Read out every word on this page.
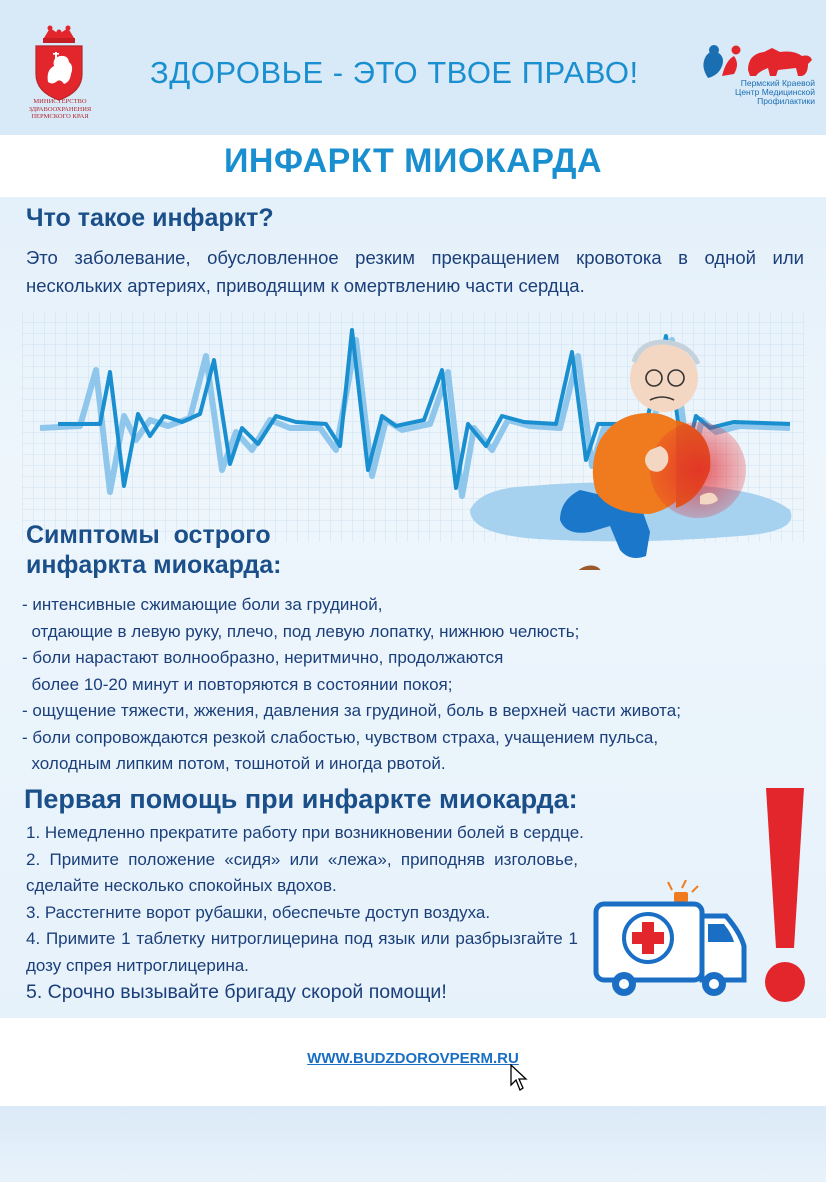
МИНИСТЕРСТВО
ЗДРАВООХРАНЕНИЯ
ПЕРМСКОГО КРАЯ
ЗДОРОВЬЕ - ЭТО ТВОЕ ПРАВО!	Пермский Краевой
Центр Медицинской
Профилактики
ИНФАРКТ МИОКАРДА
Что такое инфаркт?
Это заболевание, обусловленное резким прекращением кровотока в одной или нескольких артериях, приводящим к омертвлению части сердца.
Симптомы  острого
инфаркта миокарда:
- интенсивные сжимающие боли за грудиной,
отдающие в левую руку, плечо, под левую лопатку, нижнюю челюсть;
- боли нарастают волнообразно, неритмично, продолжаются
более 10-20 минут и повторяются в состоянии покоя;
- ощущение тяжести, жжения, давления за грудиной, боль в верхней части живота;
- боли сопровождаются резкой слабостью, чувством страха, учащением пульса,
холодным липким потом, тошнотой и иногда рвотой.
Первая помощь при инфаркте миокарда:
1. Немедленно прекратите работу при возникновении болей в сердце.
2. Примите положение «сидя» или «лежа», приподняв изголовье, сделайте несколько спокойных вдохов.
3. Расстегните ворот рубашки, обеспечьте доступ воздуха.
4. Примите 1 таблетку нитроглицерина под язык или разбрызгайте 1 дозу спрея нитроглицерина.
5. Срочно вызывайте бригаду скорой помощи!
WWW.BUDZDOROVPERM.RU
